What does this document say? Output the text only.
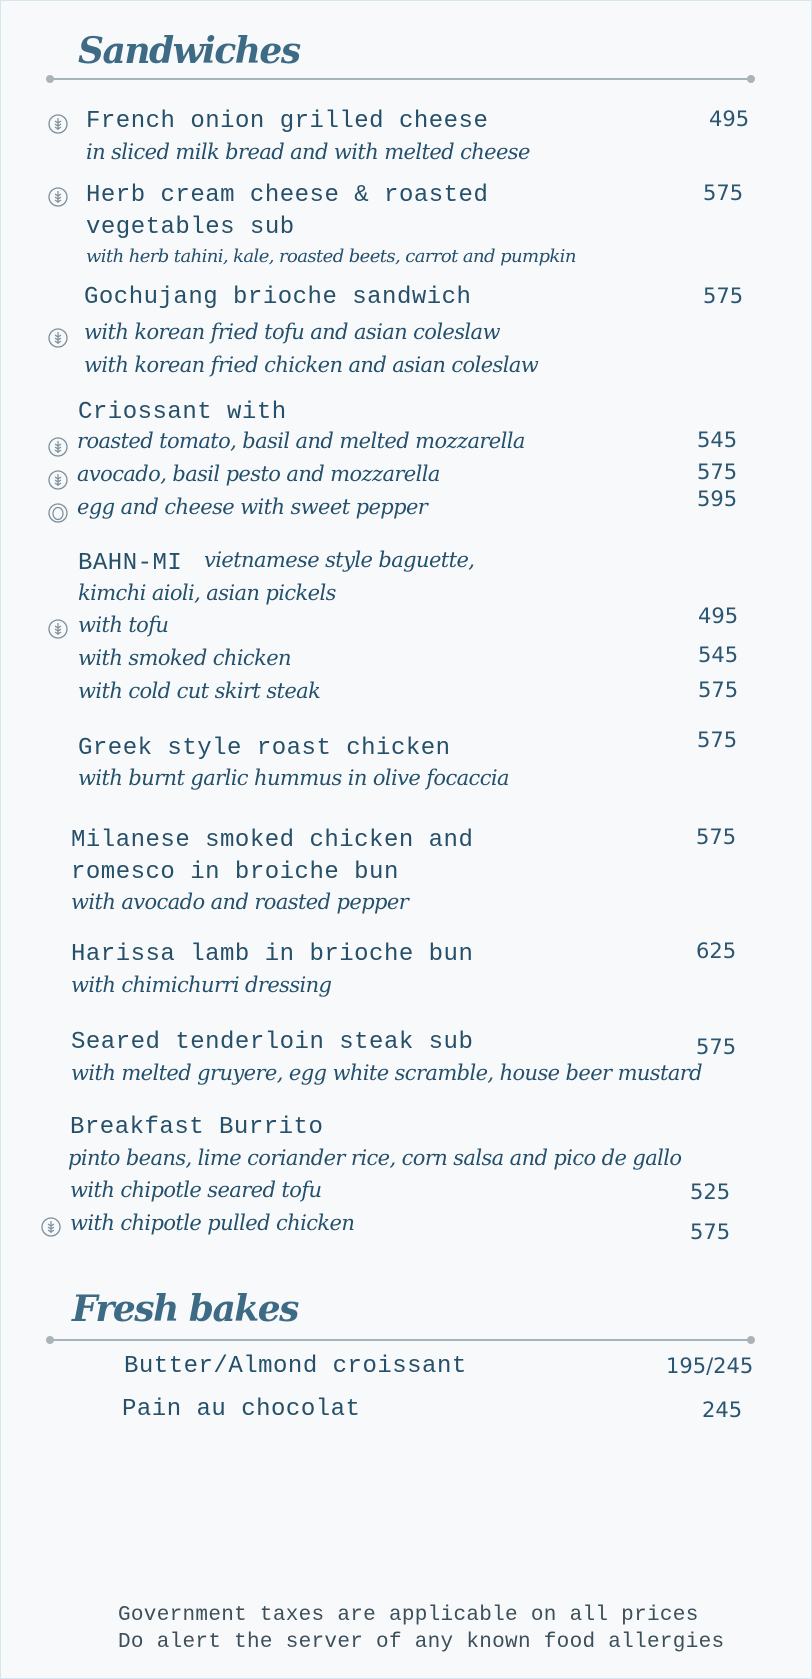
Sandwiches
French onion grilled cheese	495
in sliced milk bread and with melted cheese
Herb cream cheese & roasted
vegetables sub
575
with herb tahini, kale, roasted beets, carrot and pumpkin
Gochujang brioche sandwich	575
with korean fried tofu and asian coleslaw
with korean fried chicken and asian coleslaw
Criossant with
roasted tomato, basil and melted mozzarella	545
avocado, basil pesto and mozzarella	575
egg and cheese with sweet pepper	595
BAHN-MI vietnamese style baguette,
kimchi aioli, asian pickels
with tofu	495
with smoked chicken	545
with cold cut skirt steak	575
Greek style roast chicken	575
with burnt garlic hummus in olive focaccia
Milanese smoked chicken and
romesco in broiche bun
575
with avocado and roasted pepper
Harissa lamb in brioche bun	625
with chimichurri dressing
Seared tenderloin steak sub	575
with melted gruyere, egg white scramble, house beer mustard
Breakfast Burrito
pinto beans, lime coriander rice, corn salsa and pico de gallo
with chipotle seared tofu	525
with chipotle pulled chicken	575
Fresh bakes
Butter/Almond croissant	195/245
Pain au chocolat	245
Government taxes are applicable on all prices
Do alert the server of any known food allergies
